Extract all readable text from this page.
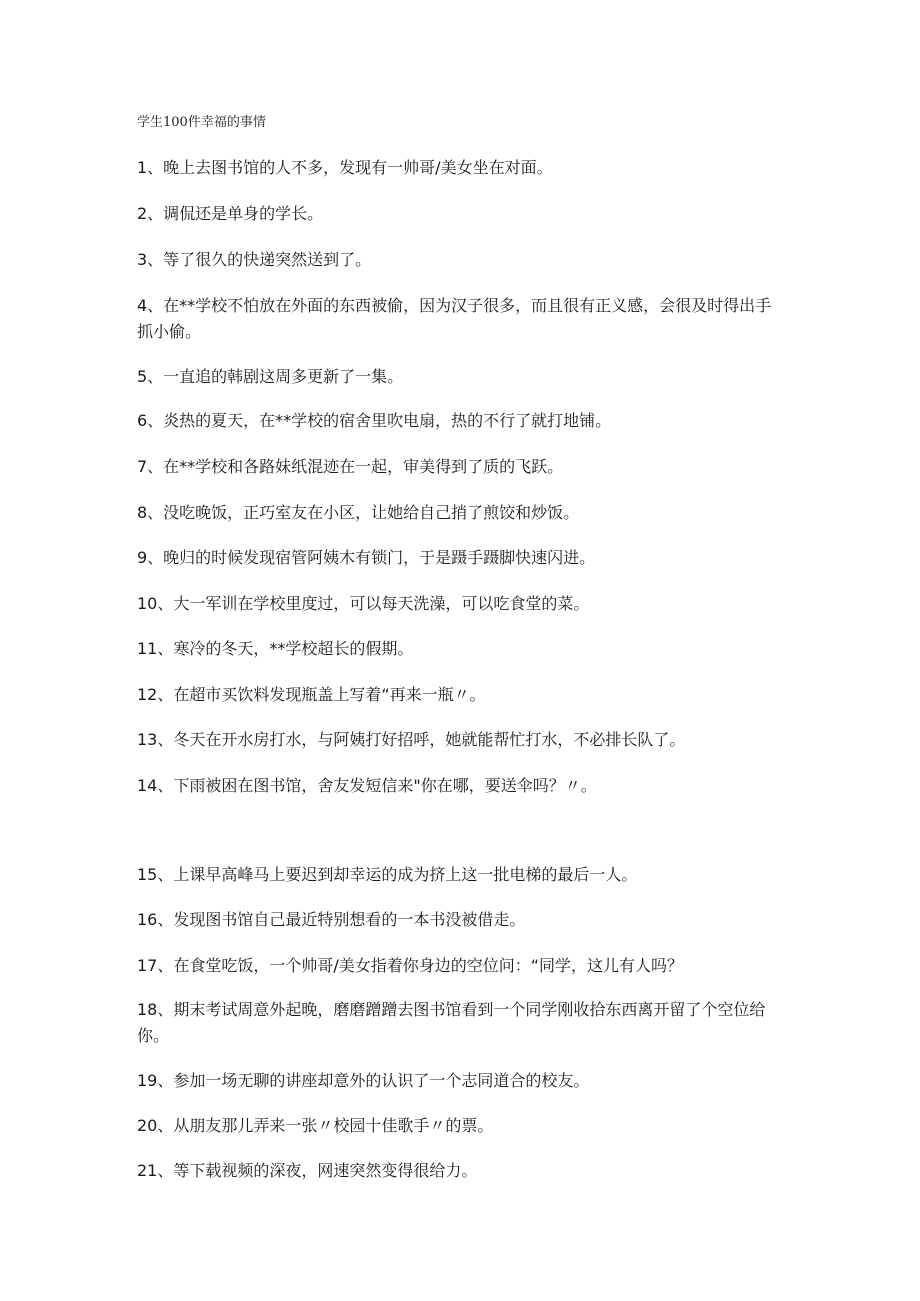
学生100件幸福的事情
1、晚上去图书馆的人不多，发现有一帅哥/美女坐在对面。
2、调侃还是单身的学长。
3、等了很久的快递突然送到了。
4、在**学校不怕放在外面的东西被偷，因为汉子很多，而且很有正义感，会很及时得出手抓小偷。
5、一直追的韩剧这周多更新了一集。
6、炎热的夏天，在**学校的宿舍里吹电扇，热的不行了就打地铺。
7、在**学校和各路妹纸混迹在一起，审美得到了质的飞跃。
8、没吃晚饭，正巧室友在小区，让她给自己捎了煎饺和炒饭。
9、晚归的时候发现宿管阿姨木有锁门，于是蹑手蹑脚快速闪进。
10、大一军训在学校里度过，可以每天洗澡，可以吃食堂的菜。
11、寒冷的冬天，**学校超长的假期。
12、在超市买饮料发现瓶盖上写着“再来一瓶〃。
13、冬天在开水房打水，与阿姨打好招呼，她就能帮忙打水，不必排长队了。
14、下雨被困在图书馆，舍友发短信来"你在哪，要送伞吗？〃。
15、上课早高峰马上要迟到却幸运的成为挤上这一批电梯的最后一人。
16、发现图书馆自己最近特别想看的一本书没被借走。
17、在食堂吃饭，一个帅哥/美女指着你身边的空位问：“同学，这儿有人吗？
18、期末考试周意外起晚，磨磨蹭蹭去图书馆看到一个同学刚收拾东西离开留了个空位给你。
19、参加一场无聊的讲座却意外的认识了一个志同道合的校友。
20、从朋友那儿弄来一张〃校园十佳歌手〃的票。
21、等下载视频的深夜，网速突然变得很给力。
